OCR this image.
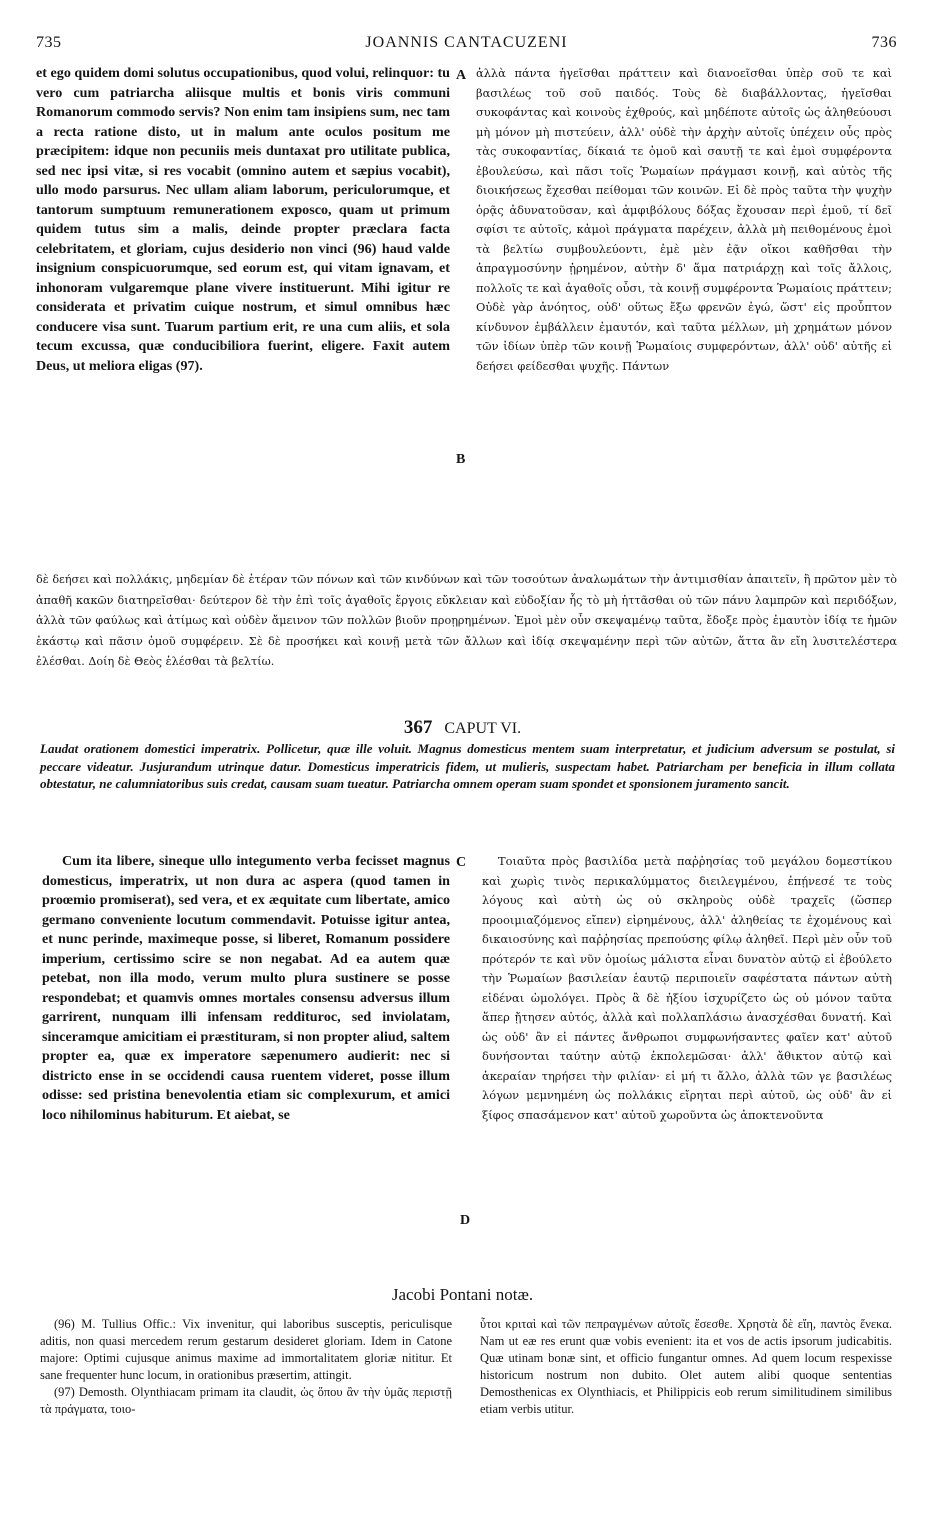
735	JOANNIS CANTACUZENI	736

et ego quidem domi solutus occupationibus, quod volui, relinquor: tu vero cum patriarcha aliisque multis et bonis viris communi Romanorum commodo servis? Non enim tam insipiens sum, nec tam a recta ratione disto, ut in malum ante oculos positum me præcipitem: idque non pecuniis meis duntaxat pro utilitate publica, sed nec ipsi vitæ, si res vocabit (omnino autem et sæpius vocabit), ullo modo parsurus. Nec ullam aliam laborum, periculorumque, et tantorum sumptuum remunerationem exposco, quam ut primum quidem tutus sim a malis, deinde propter præclara facta celebritatem, et gloriam, cujus desiderio non vinci (96) haud valde insignium conspicuorumque, sed eorum est, qui vitam ignavam, et inhonoram vulgaremque plane vivere instituerunt. Mihi igitur re considerata et privatim cuique nostrum, et simul omnibus hæc conducere visa sunt. Tuarum partium erit, re una cum aliis, et sola tecum excussa, quæ conducibiliora fuerint, eligere. Faxit autem Deus, ut meliora eligas (97).

A
B

ἀλλὰ πάντα ἡγεῖσθαι πράττειν καὶ διανοεῖσθαι ὑπὲρ σοῦ τε καὶ βασιλέως τοῦ σοῦ παιδός. Τοὺς δὲ διαβάλλοντας, ἡγεῖσθαι συκοφάντας καὶ κοινοὺς ἐχθρούς, καὶ μηδέποτε αὐτοῖς ὡς ἀληθεύουσι μὴ μόνον μὴ πιστεύειν, ἀλλ' οὐδὲ τὴν ἀρχὴν αὐτοῖς ὑπέχειν οὖς πρὸς τὰς συκοφαντίας, δίκαιά τε ὁμοῦ καὶ σαυτῇ τε καὶ ἐμοὶ συμφέροντα ἐβουλεύσω, καὶ πᾶσι τοῖς Ῥωμαίων πράγμασι κοινῇ, καὶ αὐτὸς τῆς διοικήσεως ἔχεσθαι πείθομαι τῶν κοινῶν. Εἰ δὲ πρὸς ταῦτα τὴν ψυχὴν ὁρᾷς ἀδυνατοῦσαν, καὶ ἀμφιβόλους δόξας ἔχουσαν περὶ ἐμοῦ, τί δεῖ σφίσι τε αὐτοῖς, κἀμοὶ πράγματα παρέχειν, ἀλλὰ μὴ πειθομένους ἐμοὶ τὰ βελτίω συμβουλεύοντι, ἐμὲ μὲν ἐᾷν οἴκοι καθῆσθαι τὴν ἀπραγμοσύνην ᾑρημένον, αὐτὴν δ' ἅμα πατριάρχῃ καὶ τοῖς ἄλλοις, πολλοῖς τε καὶ ἀγαθοῖς οὖσι, τὰ κοινῇ συμφέροντα Ῥωμαίοις πράττειν; Οὐδὲ γὰρ ἀνόητος, οὐδ' οὕτως ἔξω φρενῶν ἐγώ, ὥστ' εἰς προὖπτον κίνδυνον ἐμβάλλειν ἐμαυτόν, καὶ ταῦτα μέλλων, μὴ χρημάτων μόνον τῶν ἰδίων ὑπὲρ τῶν κοινῇ Ῥωμαίοις συμφερόντων, ἀλλ' οὐδ' αὐτῆς εἰ δεήσει φείδεσθαι ψυχῆς. Πάντων

δὲ δεήσει καὶ πολλάκις, μηδεμίαν δὲ ἑτέραν τῶν πόνων καὶ τῶν κινδύνων καὶ τῶν τοσούτων ἀναλωμάτων τὴν ἀντιμισθίαν ἀπαιτεῖν, ἢ πρῶτον μὲν τὸ ἀπαθῆ κακῶν διατηρεῖσθαι· δεύτερον δὲ τὴν ἐπὶ τοῖς ἀγαθοῖς ἔργοις εὔκλειαν καὶ εὐδοξίαν ἧς τὸ μὴ ἡττᾶσθαι οὐ τῶν πάνυ λαμπρῶν καὶ περιδόξων, ἀλλὰ τῶν φαύλως καὶ ἀτίμως καὶ οὐδὲν ἄμεινον τῶν πολλῶν βιοῦν προῃρημένων. Ἐμοὶ μὲν οὖν σκεψαμένῳ ταῦτα, ἔδοξε πρὸς ἐμαυτὸν ἰδίᾳ τε ἡμῶν ἑκάστῳ καὶ πᾶσιν ὁμοῦ συμφέρειν. Σὲ δὲ προσήκει καὶ κοινῇ μετὰ τῶν ἄλλων καὶ ἰδίᾳ σκεψαμένην περὶ τῶν αὐτῶν, ἅττα ἂν εἴη λυσιτελέστερα ἑλέσθαι. Δοίη δὲ Θεὸς ἑλέσθαι τὰ βελτίω.

367 CAPUT VI.

Laudat orationem domestici imperatrix. Pollicetur, quæ ille voluit. Magnus domesticus mentem suam interpretatur, et judicium adversum se postulat, si peccare videatur. Jusjurandum utrinque datur. Domesticus imperatricis fidem, ut mulieris, suspectam habet. Patriarcham per beneficia in illum collata obtestatur, ne calumniatoribus suis credat, causam suam tueatur. Patriarcha omnem operam suam spondet et sponsionem juramento sancit.

C
D

Cum ita libere, sineque ullo integumento verba fecisset magnus domesticus, imperatrix, ut non dura ac aspera (quod tamen in proœmio promiserat), sed vera, et ex æquitate cum libertate, amico germano conveniente locutum commendavit. Potuisse igitur antea, et nunc perinde, maximeque posse, si liberet, Romanum possidere imperium, certissimo scire se non negabat. Ad ea autem quæ petebat, non illa modo, verum multo plura sustinere se posse respondebat; et quamvis omnes mortales consensu adversus illum garrirent, nunquam illi infensam redditurос, sed inviolatam, sinceramque amicitiam ei præstituram, si non propter aliud, saltem propter ea, quæ ex imperatore sæpenumero audierit: nec si districto ense in se occidendi causa ruentem videret, posse illum odisse: sed pristina benevolentia etiam sic complexurum, et amici loco nihilominus habiturum. Et aiebat, se

Τοιαῦτα πρὸς βασιλίδα μετὰ παῤῥησίας τοῦ μεγάλου δομεστίκου καὶ χωρὶς τινὸς περικαλύμματος διειλεγμένου, ἐπῄνεσέ τε τοὺς λόγους καὶ αὐτὴ ὡς οὐ σκληροὺς οὐδὲ τραχεῖς (ὥσπερ προοιμιαζόμενος εἴπεν) εἰρημένους, ἀλλ' ἀληθείας τε ἐχομένους καὶ δικαιοσύνης καὶ παῤῥησίας πρεπούσης φίλῳ ἀληθεῖ. Περὶ μὲν οὖν τοῦ πρότερόν τε καὶ νῦν ὁμοίως μάλιστα εἶναι δυνατὸν αὐτῷ εἰ ἐβούλετο τὴν Ῥωμαίων βασιλείαν ἑαυτῷ περιποιεῖν σαφέστατα πάντων αὐτὴ εἰδέναι ὡμολόγει. Πρὸς ἃ δὲ ἠξίου ἰσχυρίζετο ὡς οὐ μόνον ταῦτα ἅπερ ᾔτησεν αὐτός, ἀλλὰ καὶ πολλαπλάσιω ἀνασχέσθαι δυνατή. Καὶ ὡς οὐδ' ἂν εἰ πάντες ἄνθρωποι συμφωνήσαντες φαῖεν κατ' αὐτοῦ δυνήσονται ταύτην αὐτῷ ἐκπολεμῶσαι· ἀλλ' ἄθικτον αὐτῷ καὶ ἀκεραίαν τηρήσει τὴν φιλίαν· εἰ μή τι ἄλλο, ἀλλὰ τῶν γε βασιλέως λόγων μεμνημένη ὡς πολλάκις εἴρηται περὶ αὐτοῦ, ὡς οὐδ' ἂν εἰ ξίφος σπασάμενον κατ' αὐτοῦ χωροῦντα ὡς ἀποκτενοῦντα

Jacobi Pontani notæ.

(96) M. Tullius Offic.: Vix invenitur, qui laboribus susceptis, periculisque aditis, non quasi mercedem rerum gestarum desideret gloriam. Idem in Catone majore: Optimi cujusque animus maxime ad immortalitatem gloriæ nititur. Et sane frequenter hunc locum, in orationibus præsertim, attingit.

(97) Demosth. Olynthiacam primam ita claudit, ὡς ὅπου ἂν τὴν ὑμᾶς περιστῇ τὰ πράγματα, τοιο-

ὗτοι κριταὶ καὶ τῶν πεπραγμένων αὐτοῖς ἔσεσθε. Χρηστὰ δὲ εἴη, παντὸς ἕνεκα. Nam ut eæ res erunt quæ vobis evenient: ita et vos de actis ipsorum judicabitis. Quæ utinam bonæ sint, et officio fungantur omnes. Ad quem locum respexisse historicum nostrum non dubito. Olet autem alibi quoque sententias Demosthenicas ex Olynthiacis, et Philippicis eob rerum similitudinem similibus etiam verbis utitur.
